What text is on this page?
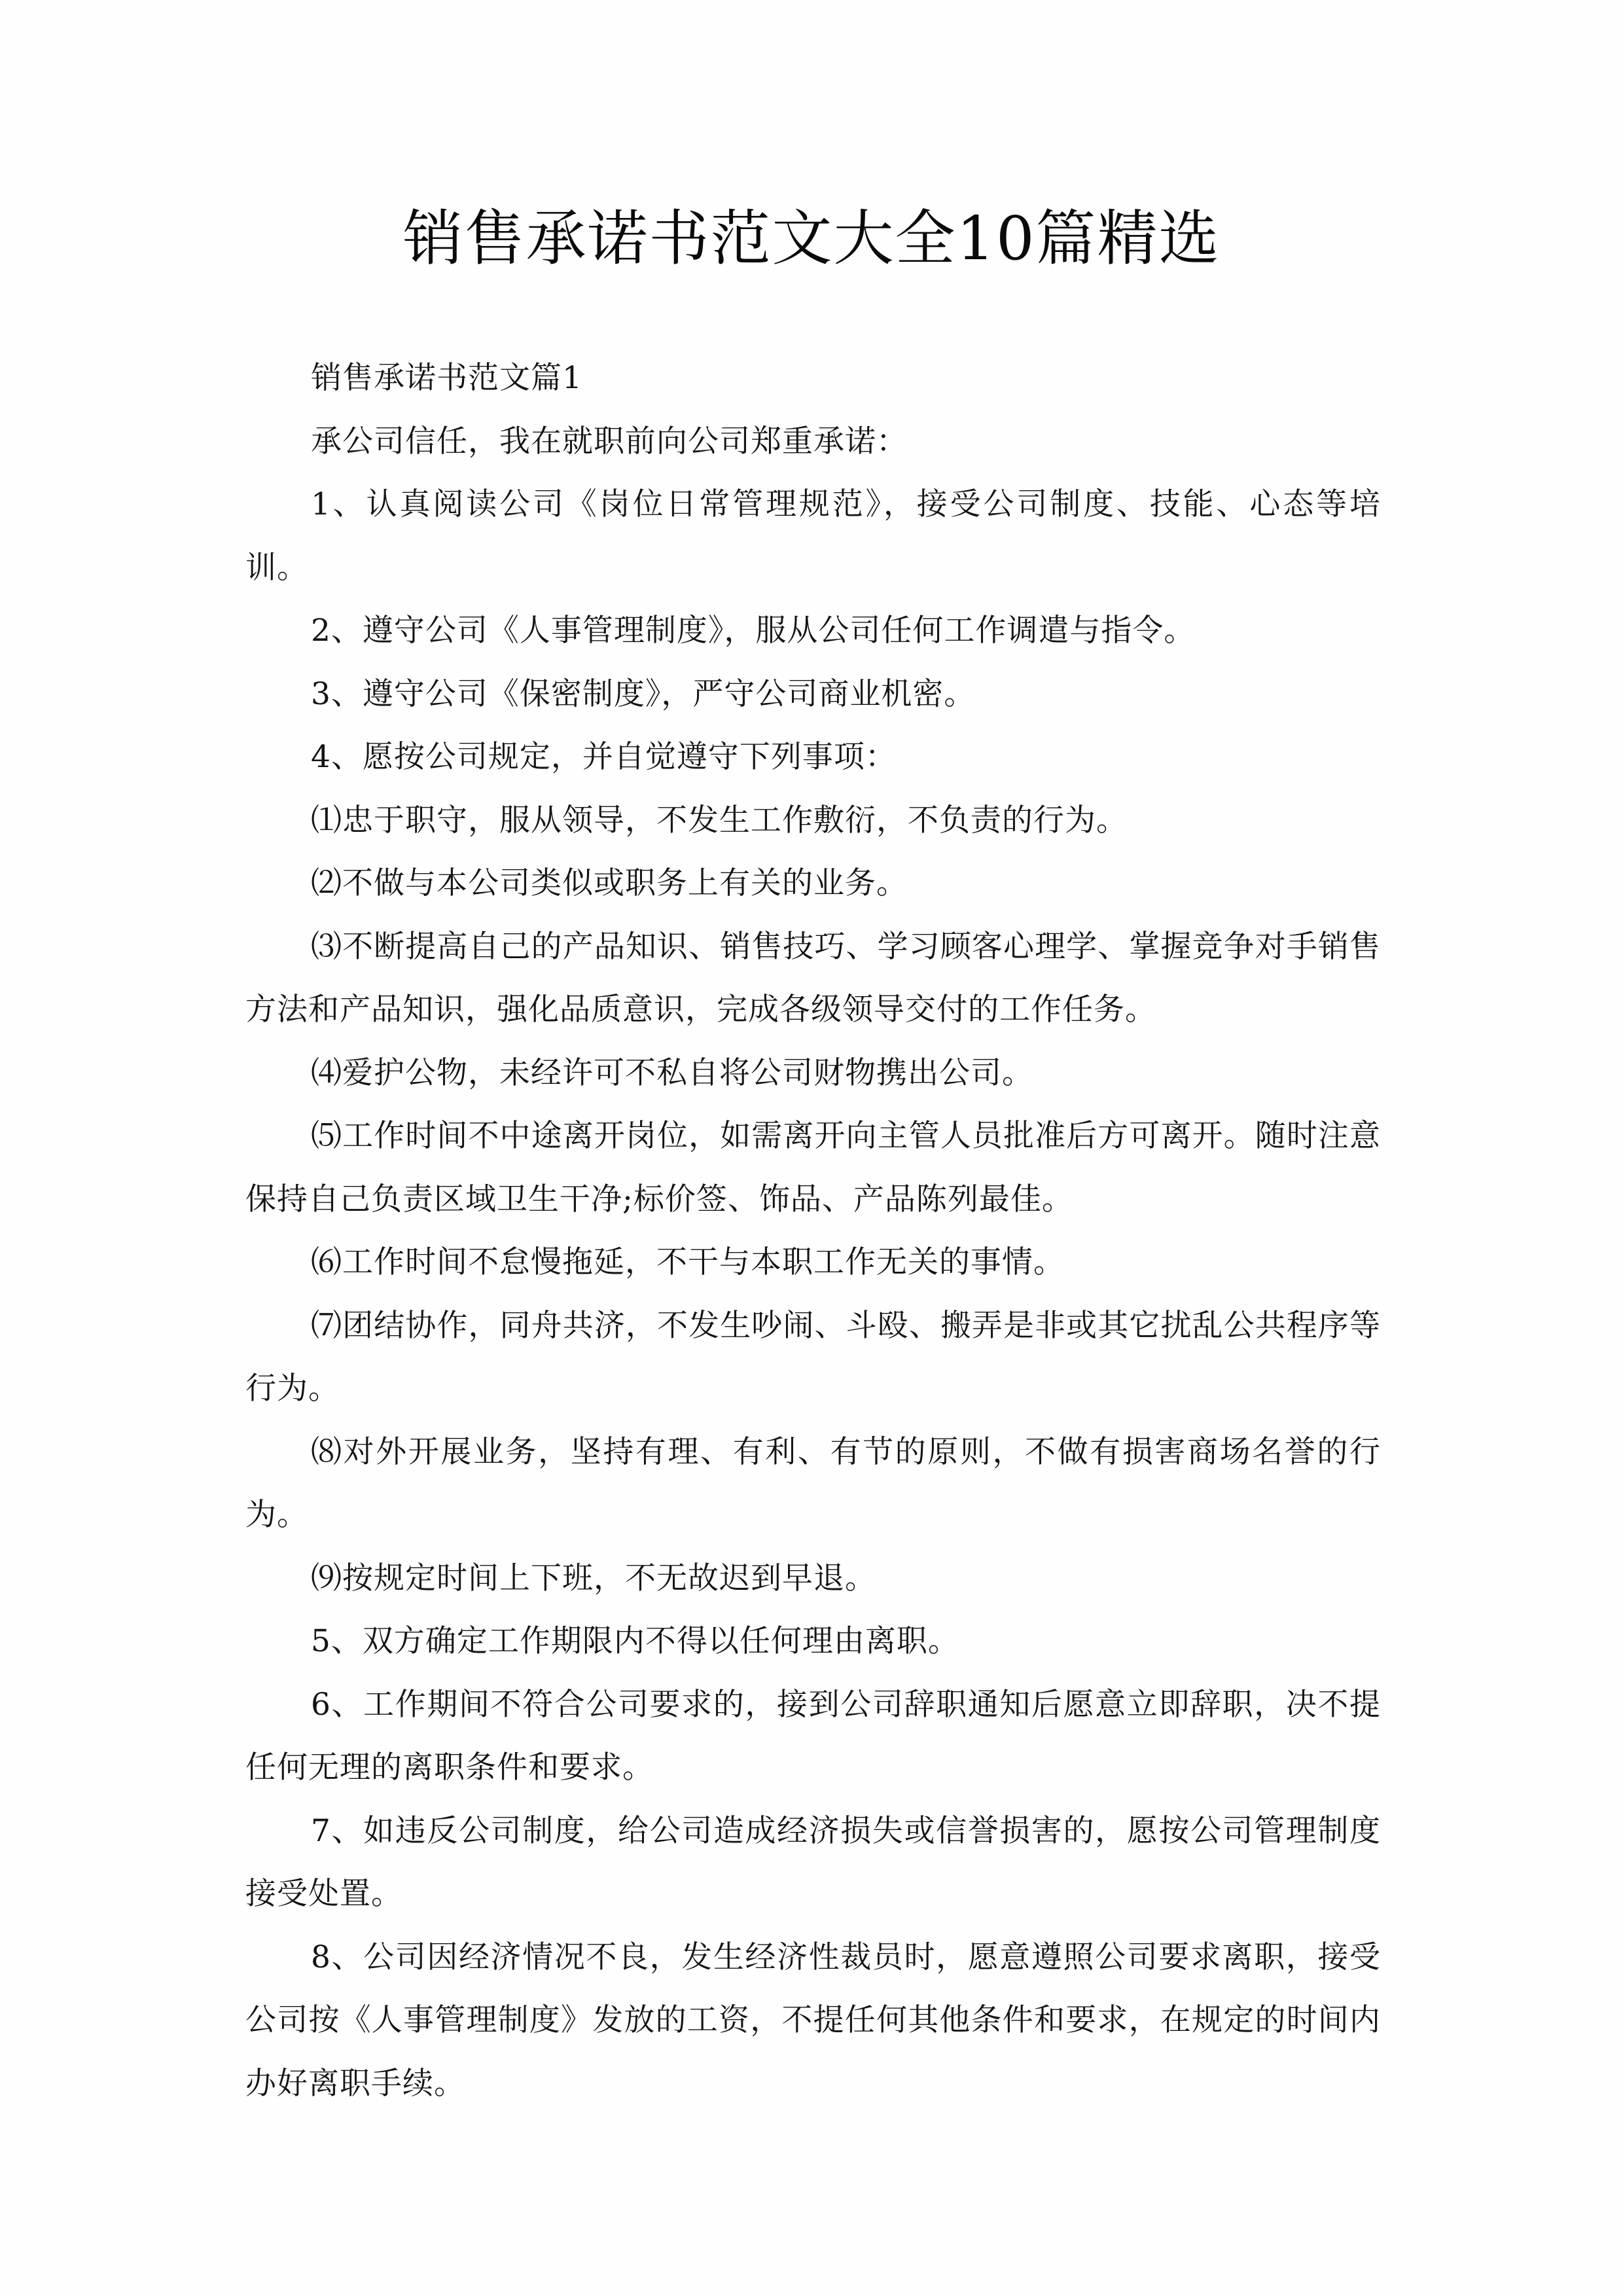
销售承诺书范文大全10篇精选

销售承诺书范文篇1

承公司信任，我在就职前向公司郑重承诺：

1、认真阅读公司《岗位日常管理规范》，接受公司制度、技能、心态等培训。

2、遵守公司《人事管理制度》，服从公司任何工作调遣与指令。

3、遵守公司《保密制度》，严守公司商业机密。

4、愿按公司规定，并自觉遵守下列事项：

⑴忠于职守，服从领导，不发生工作敷衍，不负责的行为。

⑵不做与本公司类似或职务上有关的业务。

⑶不断提高自己的产品知识、销售技巧、学习顾客心理学、掌握竞争对手销售方法和产品知识，强化品质意识，完成各级领导交付的工作任务。

⑷爱护公物，未经许可不私自将公司财物携出公司。

⑸工作时间不中途离开岗位，如需离开向主管人员批准后方可离开。随时注意保持自己负责区域卫生干净;标价签、饰品、产品陈列最佳。

⑹工作时间不怠慢拖延，不干与本职工作无关的事情。

⑺团结协作，同舟共济，不发生吵闹、斗殴、搬弄是非或其它扰乱公共程序等行为。

⑻对外开展业务，坚持有理、有利、有节的原则，不做有损害商场名誉的行为。

⑼按规定时间上下班，不无故迟到早退。

5、双方确定工作期限内不得以任何理由离职。

6、工作期间不符合公司要求的，接到公司辞职通知后愿意立即辞职，决不提任何无理的离职条件和要求。

7、如违反公司制度，给公司造成经济损失或信誉损害的，愿按公司管理制度接受处置。

8、公司因经济情况不良，发生经济性裁员时，愿意遵照公司要求离职，接受公司按《人事管理制度》发放的工资，不提任何其他条件和要求，在规定的时间内办好离职手续。
